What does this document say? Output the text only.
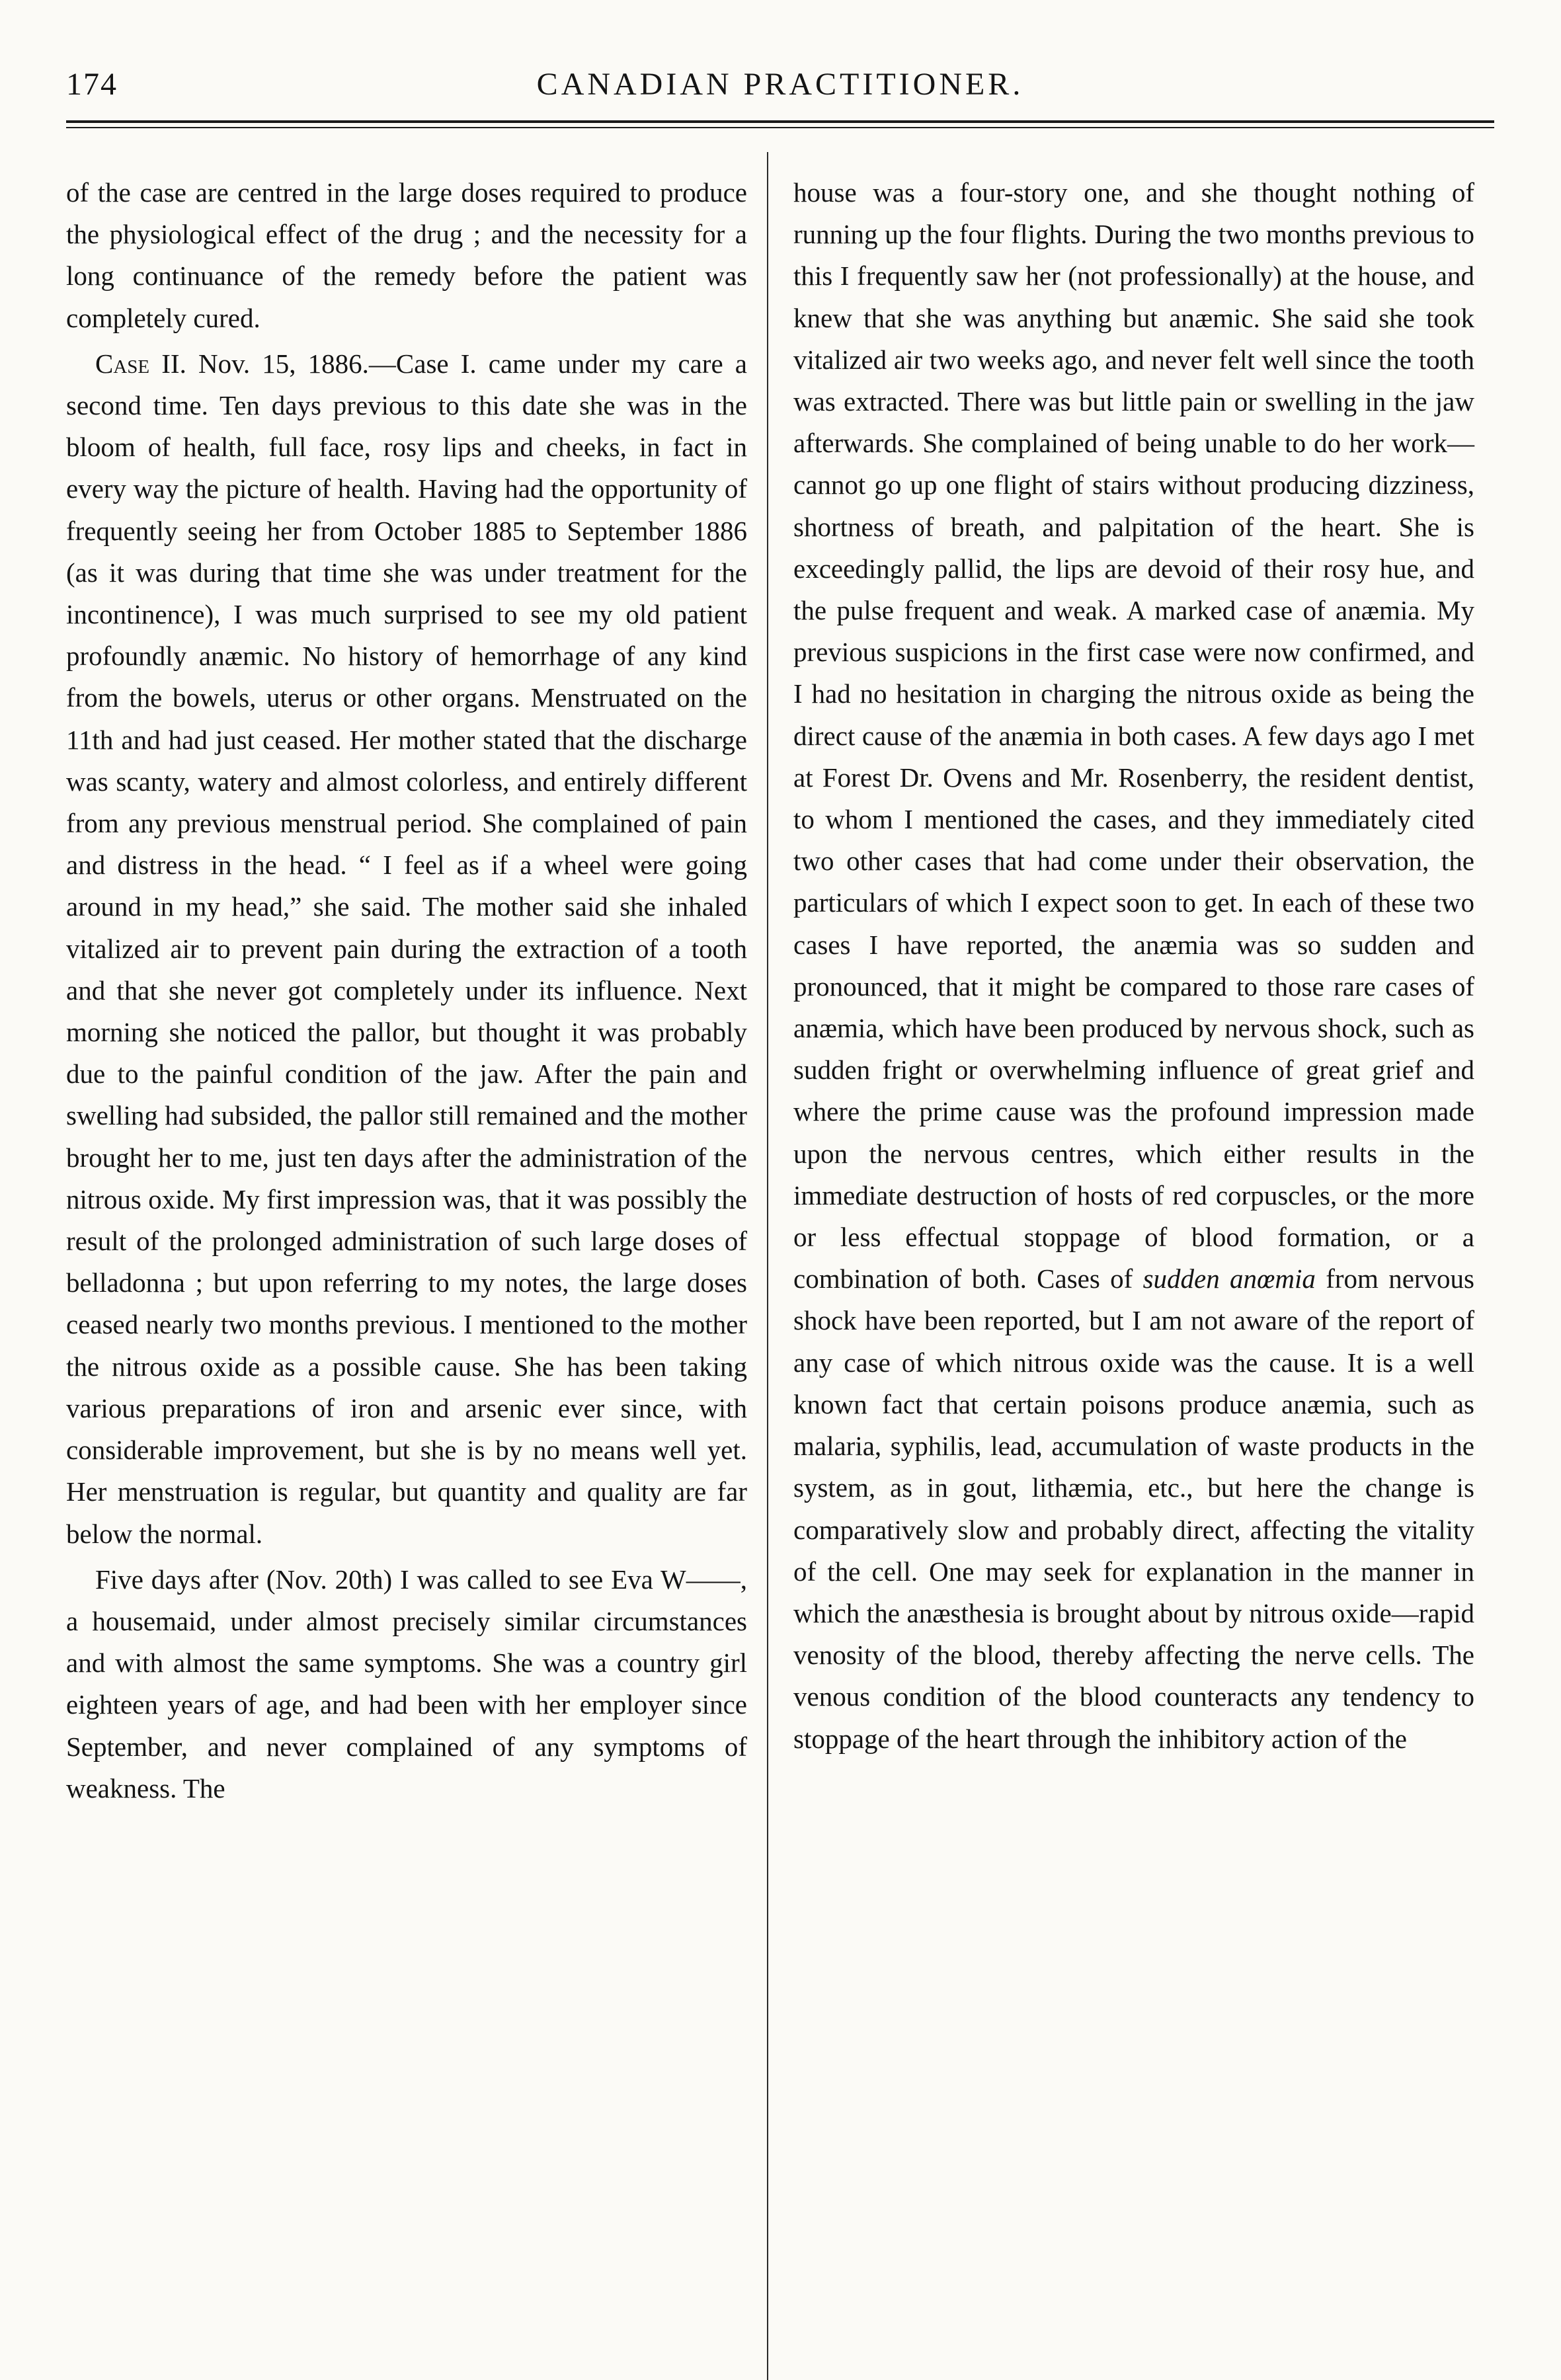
174	CANADIAN PRACTITIONER.

of the case are centred in the large doses required to produce the physiological effect of the drug ; and the necessity for a long continuance of the remedy before the patient was completely cured.

Case II. Nov. 15, 1886.—Case I. came under my care a second time. Ten days previous to this date she was in the bloom of health, full face, rosy lips and cheeks, in fact in every way the picture of health. Having had the opportunity of frequently seeing her from October 1885 to September 1886 (as it was during that time she was under treatment for the incontinence), I was much surprised to see my old patient profoundly anæmic. No history of hemorrhage of any kind from the bowels, uterus or other organs. Menstruated on the 11th and had just ceased. Her mother stated that the discharge was scanty, watery and almost colorless, and entirely different from any previous menstrual period. She complained of pain and distress in the head. “ I feel as if a wheel were going around in my head,” she said. The mother said she inhaled vitalized air to prevent pain during the extraction of a tooth and that she never got completely under its influence. Next morning she noticed the pallor, but thought it was probably due to the painful condition of the jaw. After the pain and swelling had subsided, the pallor still remained and the mother brought her to me, just ten days after the administration of the nitrous oxide. My first impression was, that it was possibly the result of the prolonged administration of such large doses of belladonna ; but upon referring to my notes, the large doses ceased nearly two months previous. I mentioned to the mother the nitrous oxide as a possible cause. She has been taking various preparations of iron and arsenic ever since, with considerable improvement, but she is by no means well yet. Her menstruation is regular, but quantity and quality are far below the normal.

Five days after (Nov. 20th) I was called to see Eva W——, a housemaid, under almost precisely similar circumstances and with almost the same symptoms. She was a country girl eighteen years of age, and had been with her employer since September, and never complained of any symptoms of weakness. The

house was a four-story one, and she thought nothing of running up the four flights. During the two months previous to this I frequently saw her (not professionally) at the house, and knew that she was anything but anæmic. She said she took vitalized air two weeks ago, and never felt well since the tooth was extracted. There was but little pain or swelling in the jaw afterwards. She complained of being unable to do her work—cannot go up one flight of stairs without producing dizziness, shortness of breath, and palpitation of the heart. She is exceedingly pallid, the lips are devoid of their rosy hue, and the pulse frequent and weak. A marked case of anæmia. My previous suspicions in the first case were now confirmed, and I had no hesitation in charging the nitrous oxide as being the direct cause of the anæmia in both cases. A few days ago I met at Forest Dr. Ovens and Mr. Rosenberry, the resident dentist, to whom I mentioned the cases, and they immediately cited two other cases that had come under their observation, the particulars of which I expect soon to get. In each of these two cases I have reported, the anæmia was so sudden and pronounced, that it might be compared to those rare cases of anæmia, which have been produced by nervous shock, such as sudden fright or overwhelming influence of great grief and where the prime cause was the profound impression made upon the nervous centres, which either results in the immediate destruction of hosts of red corpuscles, or the more or less effectual stoppage of blood formation, or a combination of both. Cases of sudden anœmia from nervous shock have been reported, but I am not aware of the report of any case of which nitrous oxide was the cause. It is a well known fact that certain poisons produce anæmia, such as malaria, syphilis, lead, accumulation of waste products in the system, as in gout, lithæmia, etc., but here the change is comparatively slow and probably direct, affecting the vitality of the cell. One may seek for explanation in the manner in which the anæsthesia is brought about by nitrous oxide—rapid venosity of the blood, thereby affecting the nerve cells. The venous condition of the blood counteracts any tendency to stoppage of the heart through the inhibitory action of the
